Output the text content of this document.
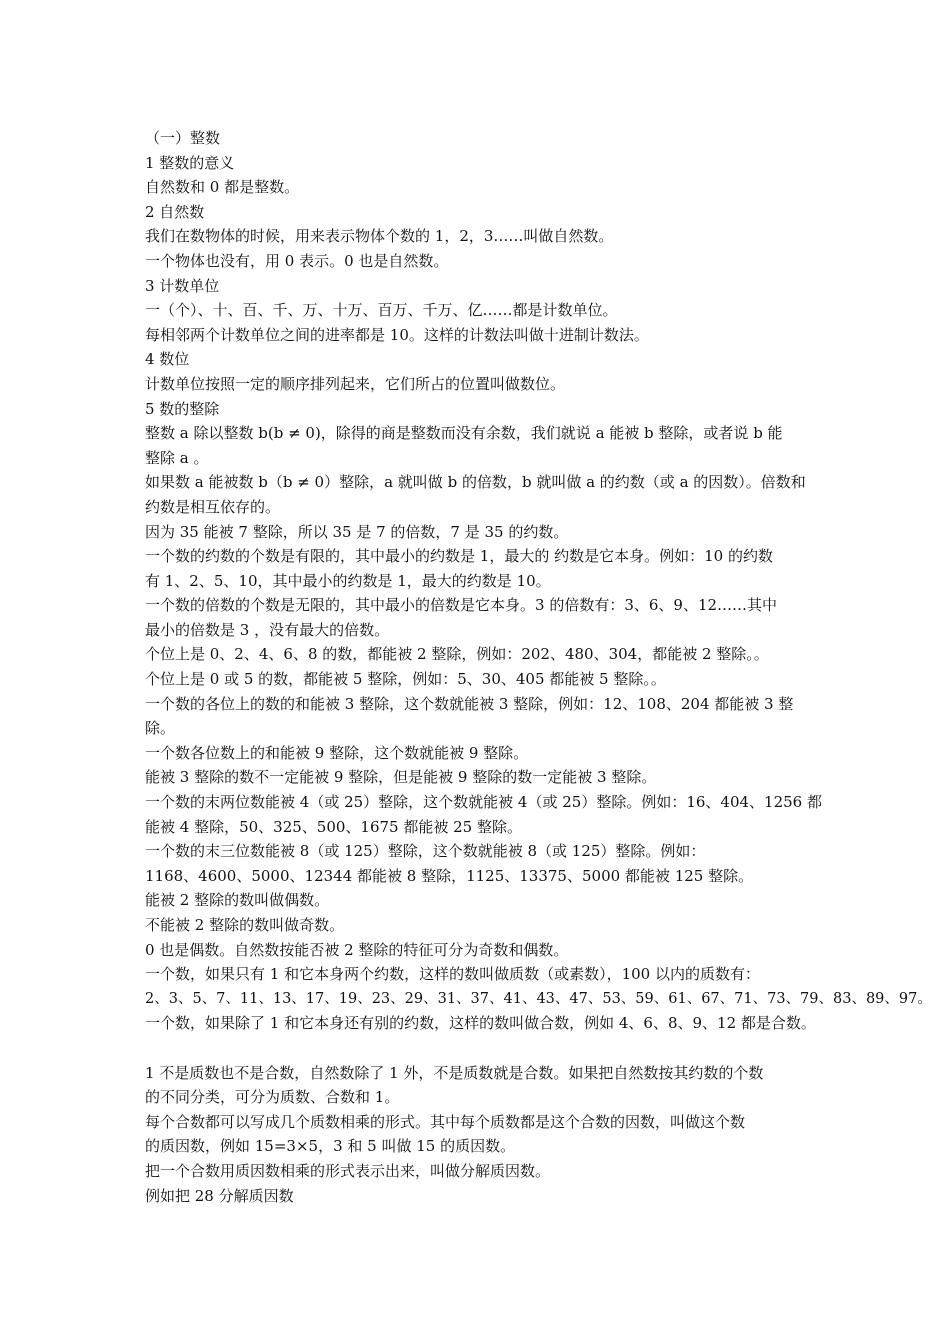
（一）整数
1 整数的意义
自然数和 0 都是整数。
2 自然数
我们在数物体的时候，用来表示物体个数的 1，2，3……叫做自然数。
一个物体也没有，用 0 表示。0 也是自然数。
3 计数单位
一（个）、十、百、千、万、十万、百万、千万、亿……都是计数单位。
每相邻两个计数单位之间的进率都是 10。这样的计数法叫做十进制计数法。
4 数位
计数单位按照一定的顺序排列起来，它们所占的位置叫做数位。
5 数的整除
整数 a 除以整数 b(b ≠ 0)，除得的商是整数而没有余数，我们就说 a 能被 b 整除，或者说 b 能
整除 a 。
如果数 a 能被数 b（b ≠ 0）整除，a 就叫做 b 的倍数，b 就叫做 a 的约数（或 a 的因数）。倍数和
约数是相互依存的。
因为 35 能被 7 整除，所以 35 是 7 的倍数，7 是 35 的约数。
一个数的约数的个数是有限的，其中最小的约数是 1，最大的 约数是它本身。例如：10 的约数
有 1、2、5、10，其中最小的约数是 1，最大的约数是 10。
一个数的倍数的个数是无限的，其中最小的倍数是它本身。3 的倍数有：3、6、9、12……其中
最小的倍数是 3 ，没有最大的倍数。
个位上是 0、2、4、6、8 的数，都能被 2 整除，例如：202、480、304，都能被 2 整除。。
个位上是 0 或 5 的数，都能被 5 整除，例如：5、30、405 都能被 5 整除。。
一个数的各位上的数的和能被 3 整除，这个数就能被 3 整除，例如：12、108、204 都能被 3 整
除。
一个数各位数上的和能被 9 整除，这个数就能被 9 整除。
能被 3 整除的数不一定能被 9 整除，但是能被 9 整除的数一定能被 3 整除。
一个数的末两位数能被 4（或 25）整除，这个数就能被 4（或 25）整除。例如：16、404、1256 都
能被 4 整除，50、325、500、1675 都能被 25 整除。
一个数的末三位数能被 8（或 125）整除，这个数就能被 8（或 125）整除。例如：
1168、4600、5000、12344 都能被 8 整除，1125、13375、5000 都能被 125 整除。
能被 2 整除的数叫做偶数。
不能被 2 整除的数叫做奇数。
0 也是偶数。自然数按能否被 2 整除的特征可分为奇数和偶数。
一个数，如果只有 1 和它本身两个约数，这样的数叫做质数（或素数），100 以内的质数有：
2、3、5、7、11、13、17、19、23、29、31、37、41、43、47、53、59、61、67、71、73、79、83、89、97。
一个数，如果除了 1 和它本身还有别的约数，这样的数叫做合数，例如 4、6、8、9、12 都是合数。
1 不是质数也不是合数，自然数除了 1 外，不是质数就是合数。如果把自然数按其约数的个数
的不同分类，可分为质数、合数和 1。
每个合数都可以写成几个质数相乘的形式。其中每个质数都是这个合数的因数，叫做这个数
的质因数，例如 15=3×5，3 和 5 叫做 15 的质因数。
把一个合数用质因数相乘的形式表示出来，叫做分解质因数。
例如把 28 分解质因数
